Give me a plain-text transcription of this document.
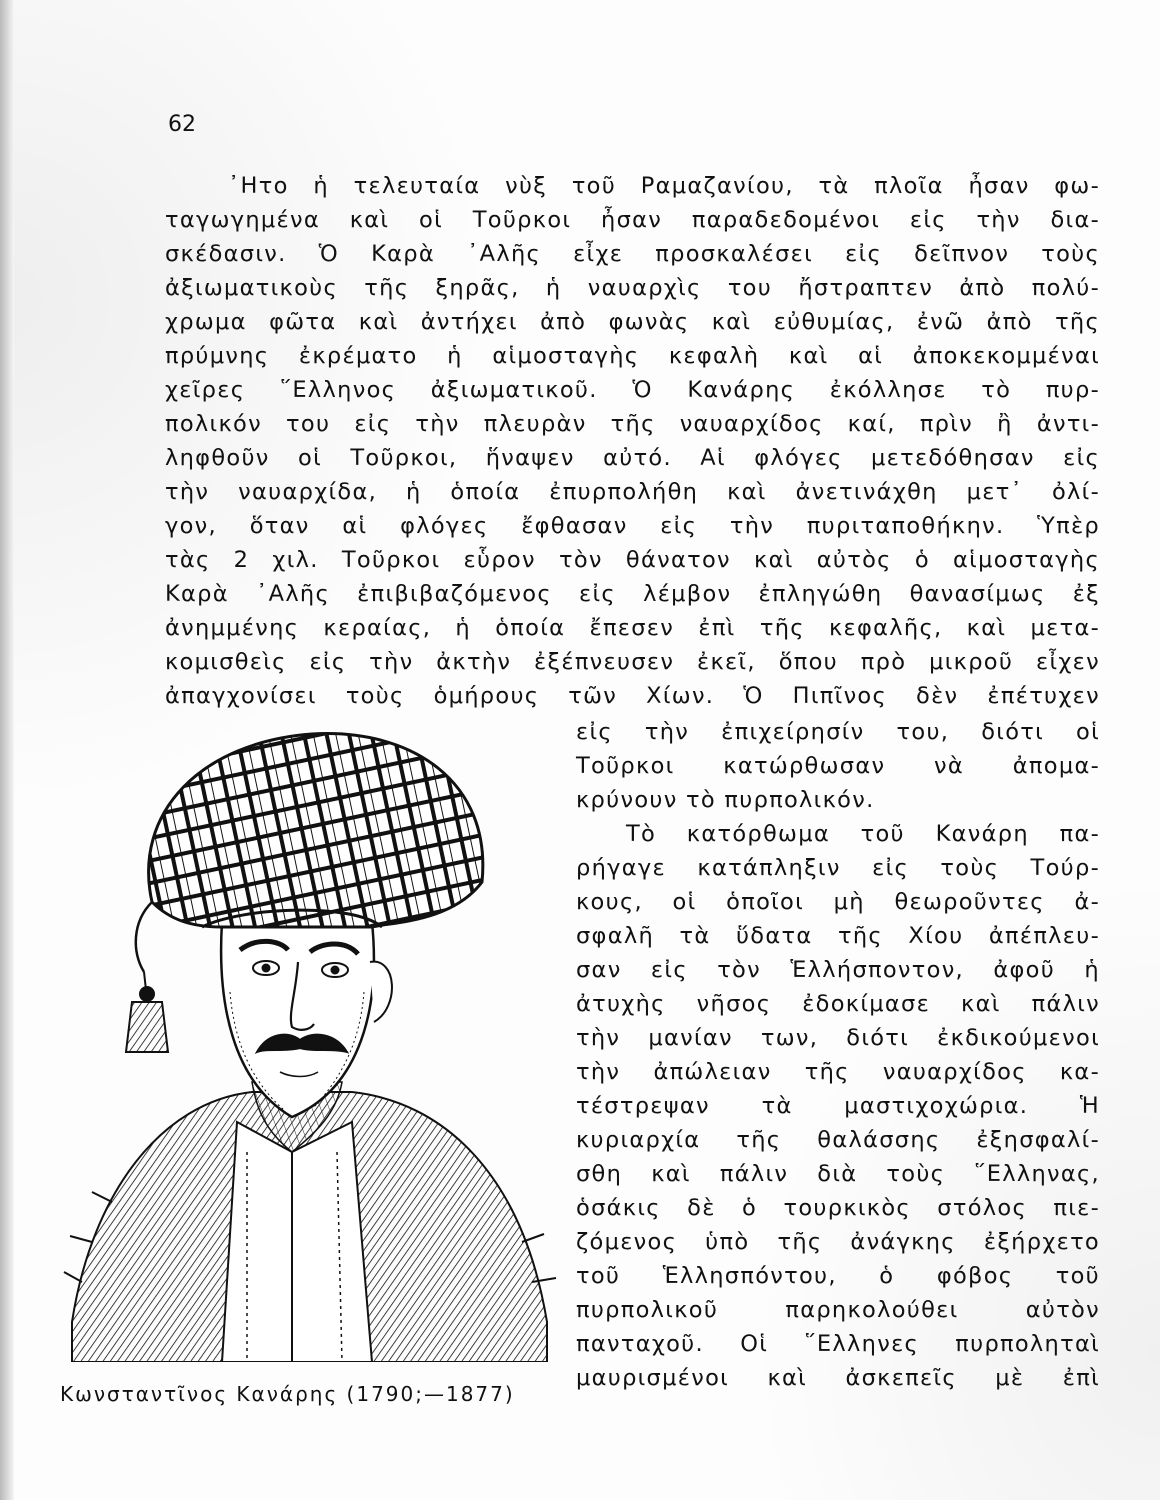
62
᾽Ητο ἡ τελευταία νὺξ τοῦ Ραμαζανίου, τὰ πλοῖα ἦσαν φω-
ταγωγημένα καὶ οἱ Τοῦρκοι ἦσαν παραδεδομένοι εἰς τὴν δια-
σκέδασιν. Ὁ Καρὰ ᾽Αλῆς εἶχε προσκαλέσει εἰς δεῖπνον τοὺς
ἀξιωματικοὺς τῆς ξηρᾶς, ἡ ναυαρχὶς του ἤστραπτεν ἀπὸ πολύ-
χρωμα φῶτα καὶ ἀντήχει ἀπὸ φωνὰς καὶ εὐθυμίας, ἐνῶ ἀπὸ τῆς
πρύμνης ἐκρέματο ἡ αἱμοσταγὴς κεφαλὴ καὶ αἱ ἀποκεκομμέναι
χεῖρες ῞Ελληνος ἀξιωματικοῦ. Ὁ Κανάρης ἐκόλλησε τὸ πυρ-
πολικόν του εἰς τὴν πλευρὰν τῆς ναυαρχίδος καί, πρὶν ἢ ἀντι-
ληφθοῦν οἱ Τοῦρκοι, ἥναψεν αὐτό. Αἱ φλόγες μετεδόθησαν εἰς
τὴν ναυαρχίδα, ἡ ὁποία ἐπυρπολήθη καὶ ἀνετινάχθη μετ᾽ ὀλί-
γον, ὅταν αἱ φλόγες ἔφθασαν εἰς τὴν πυριταποθήκην. Ὑπὲρ
τὰς 2 χιλ. Τοῦρκοι εὗρον τὸν θάνατον καὶ αὐτὸς ὁ αἱμοσταγὴς
Καρὰ ᾽Αλῆς ἐπιβιβαζόμενος εἰς λέμβον ἐπληγώθη θανασίμως ἐξ
ἀνημμένης κεραίας, ἡ ὁποία ἔπεσεν ἐπὶ τῆς κεφαλῆς, καὶ μετα-
κομισθεὶς εἰς τὴν ἀκτὴν ἐξέπνευσεν ἐκεῖ, ὅπου πρὸ μικροῦ εἶχεν
ἀπαγχονίσει τοὺς ὁμήρους τῶν Χίων. Ὁ Πιπῖνος δὲν ἐπέτυχεν
εἰς τὴν ἐπιχείρησίν του, διότι οἱ
Τοῦρκοι κατώρθωσαν νὰ ἀπομα-
κρύνουν τὸ πυρπολικόν.
Τὸ κατόρθωμα τοῦ Κανάρη πα-
ρήγαγε κατάπληξιν εἰς τοὺς Τούρ-
κους, οἱ ὁποῖοι μὴ θεωροῦντες ἀ-
σφαλῆ τὰ ὕδατα τῆς Χίου ἀπέπλευ-
σαν εἰς τὸν Ἑλλήσποντον, ἀφοῦ ἡ
ἀτυχὴς νῆσος ἐδοκίμασε καὶ πάλιν
τὴν μανίαν των, διότι ἐκδικούμενοι
τὴν ἀπώλειαν τῆς ναυαρχίδος κα-
τέστρεψαν τὰ μαστιχοχώρια. Ἡ
κυριαρχία τῆς θαλάσσης ἐξησφαλί-
σθη καὶ πάλιν διὰ τοὺς ῞Ελληνας,
ὁσάκις δὲ ὁ τουρκικὸς στόλος πιε-
ζόμενος ὑπὸ τῆς ἀνάγκης ἐξήρχετο
τοῦ Ἑλλησπόντου, ὁ φόβος τοῦ
πυρπολικοῦ παρηκολούθει αὐτὸν
πανταχοῦ. Οἱ ῞Ελληνες πυρποληταὶ
μαυρισμένοι καὶ ἀσκεπεῖς μὲ ἐπὶ
Κωνσταντῖνος Κανάρης (1790;—1877)
